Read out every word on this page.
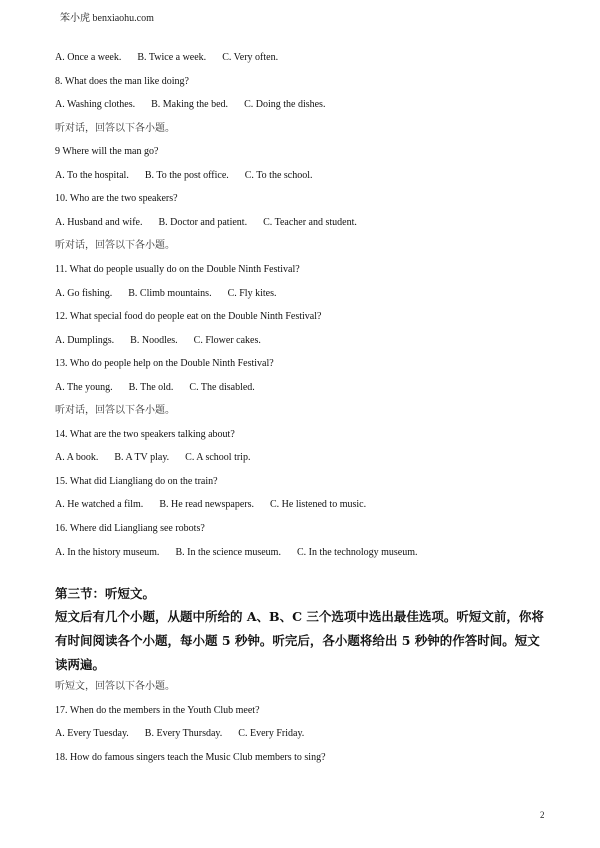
笨小虎 benxiaohu.com
A. Once a week. B. Twice a week. C. Very often.
8. What does the man like doing?
A. Washing clothes. B. Making the bed. C. Doing the dishes.
听对话，回答以下各小题。
9 Where will the man go?
A. To the hospital. B. To the post office. C. To the school.
10. Who are the two speakers?
A. Husband and wife. B. Doctor and patient. C. Teacher and student.
听对话，回答以下各小题。
11. What do people usually do on the Double Ninth Festival?
A. Go fishing. B. Climb mountains. C. Fly kites.
12. What special food do people eat on the Double Ninth Festival?
A. Dumplings. B. Noodles. C. Flower cakes.
13. Who do people help on the Double Ninth Festival?
A. The young. B. The old. C. The disabled.
听对话，回答以下各小题。
14. What are the two speakers talking about?
A. A book. B. A TV play. C. A school trip.
15. What did Liangliang do on the train?
A. He watched a film. B. He read newspapers. C. He listened to music.
16. Where did Liangliang see robots?
A. In the history museum. B. In the science museum. C. In the technology museum.
第三节：听短文。
短文后有几个小题，从题中所给的 A、B、C 三个选项中选出最佳选项。听短文前，你将有时间阅读各个小题，每小题 5 秒钟。听完后，各小题将给出 5 秒钟的作答时间。短文读两遍。
听短文，回答以下各小题。
17. When do the members in the Youth Club meet?
A. Every Tuesday. B. Every Thursday. C. Every Friday.
18. How do famous singers teach the Music Club members to sing?
2
